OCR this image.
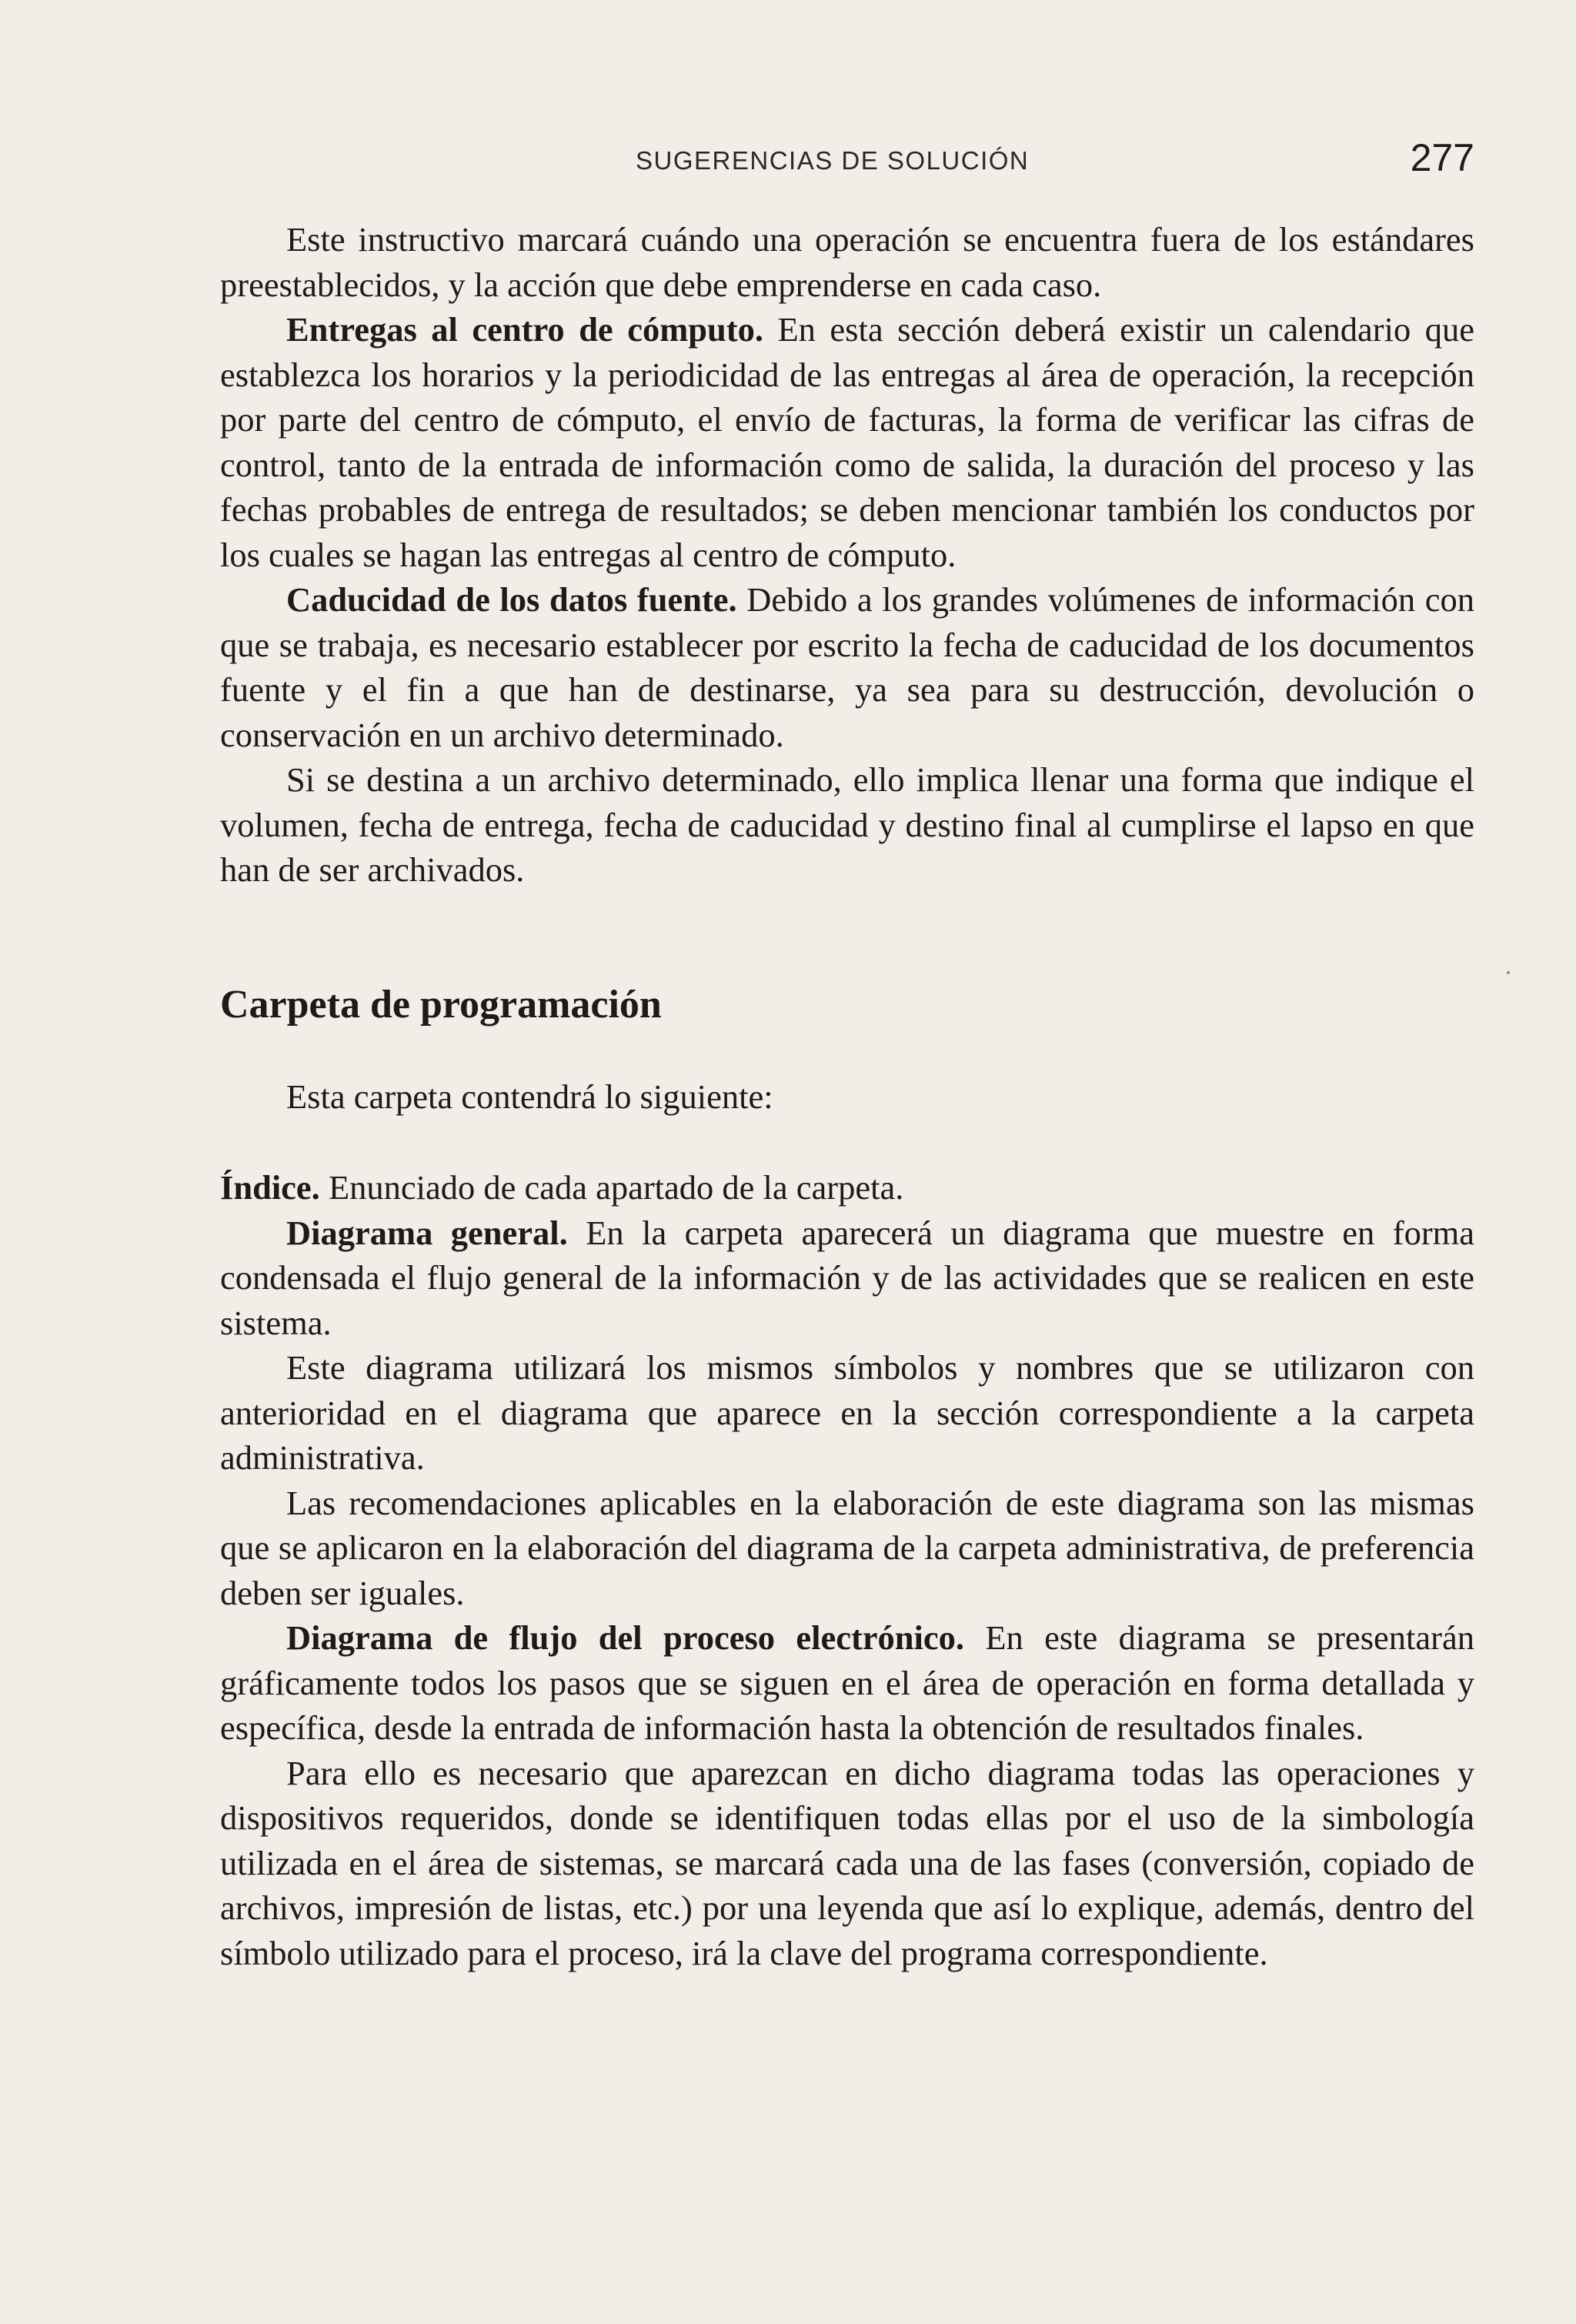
SUGERENCIAS DE SOLUCIÓN	277

Este instructivo marcará cuándo una operación se encuentra fuera de los estándares preestablecidos, y la acción que debe emprenderse en cada caso.

Entregas al centro de cómputo. En esta sección deberá existir un calendario que establezca los horarios y la periodicidad de las entregas al área de operación, la recepción por parte del centro de cómputo, el envío de facturas, la forma de verificar las cifras de control, tanto de la entrada de información como de salida, la duración del proceso y las fechas probables de entrega de resultados; se deben mencionar también los conductos por los cuales se hagan las entregas al centro de cómputo.

Caducidad de los datos fuente. Debido a los grandes volúmenes de información con que se trabaja, es necesario establecer por escrito la fecha de caducidad de los documentos fuente y el fin a que han de destinarse, ya sea para su destrucción, devolución o conservación en un archivo determinado.

Si se destina a un archivo determinado, ello implica llenar una forma que indique el volumen, fecha de entrega, fecha de caducidad y destino final al cumplirse el lapso en que han de ser archivados.

Carpeta de programación

Esta carpeta contendrá lo siguiente:

Índice. Enunciado de cada apartado de la carpeta.

Diagrama general. En la carpeta aparecerá un diagrama que muestre en forma condensada el flujo general de la información y de las actividades que se realicen en este sistema.

Este diagrama utilizará los mismos símbolos y nombres que se utilizaron con anterioridad en el diagrama que aparece en la sección correspondiente a la carpeta administrativa.

Las recomendaciones aplicables en la elaboración de este diagrama son las mismas que se aplicaron en la elaboración del diagrama de la carpeta administrativa, de preferencia deben ser iguales.

Diagrama de flujo del proceso electrónico. En este diagrama se presentarán gráficamente todos los pasos que se siguen en el área de operación en forma detallada y específica, desde la entrada de información hasta la obtención de resultados finales.

Para ello es necesario que aparezcan en dicho diagrama todas las operaciones y dispositivos requeridos, donde se identifiquen todas ellas por el uso de la simbología utilizada en el área de sistemas, se marcará cada una de las fases (conversión, copiado de archivos, impresión de listas, etc.) por una leyenda que así lo explique, además, dentro del símbolo utilizado para el proceso, irá la clave del programa correspondiente.
